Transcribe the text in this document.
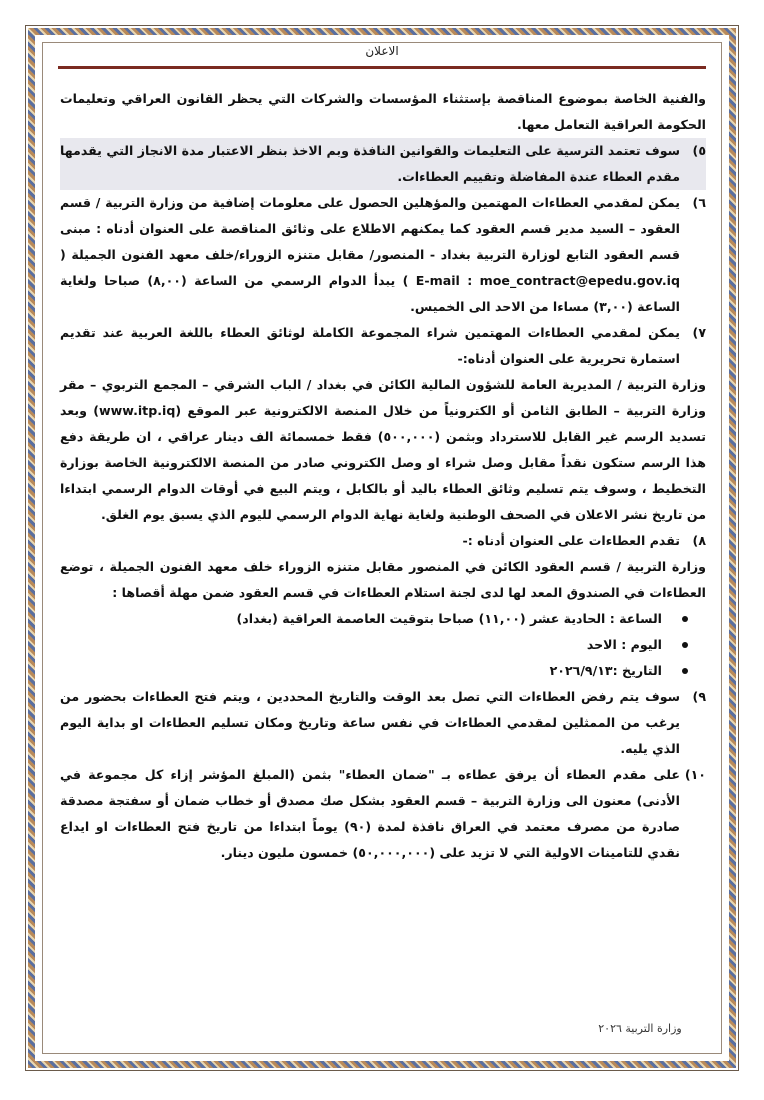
الاعلان

والفنية الخاصة بموضوع المناقصة بإستثناء المؤسسات والشركات التي يحظر القانون العراقي وتعليمات الحكومة العراقية التعامل معها.

٥)
سوف تعتمد الترسية على التعليمات والقوانين النافذة وبم الاخذ بنظر الاعتبار مدة الانجاز التي يقدمها مقدم العطاء عندة المفاضلة وتقييم العطاءات.
٦)
يمكن لمقدمي العطاءات المهتمين والمؤهلين الحصول على معلومات إضافية من وزارة التربية / قسم العقود – السيد مدير قسم العقود كما يمكنهم الاطلاع على وثائق المناقصة على العنوان أدناه : مبنى قسم العقود التابع لوزارة التربية بغداد - المنصور/ مقابل متنزه الزوراء/خلف معهد الفنون الجميلة ( E-mail : moe_contract@epedu.gov.iq ) يبدأ الدوام الرسمي من الساعة (٨,٠٠) صباحا ولغاية الساعة (٣,٠٠) مساءا من الاحد الى الخميس.
٧)
يمكن لمقدمي العطاءات المهتمين شراء المجموعة الكاملة لوثائق العطاء باللغة العربية عند تقديم استمارة تحريرية على العنوان أدناه:-

وزارة التربية / المديرية العامة للشؤون المالية الكائن في بغداد / الباب الشرقي – المجمع التربوي – مقر وزارة التربية – الطابق الثامن أو الكترونياً من خلال المنصة الالكترونية عبر الموقع (www.itp.iq) وبعد تسديد الرسم غير القابل للاسترداد وبثمن (٥٠٠,٠٠٠) فقط خمسمائة الف دينار عراقي ، ان طريقة دفع هذا الرسم ستكون نقداً مقابل وصل شراء او وصل الكتروني صادر من المنصة الالكترونية الخاصة بوزارة التخطيط ، وسوف يتم تسليم وثائق العطاء باليد أو بالكابل ، ويتم البيع في أوقات الدوام الرسمي ابتداءا من تاريخ نشر الاعلان في الصحف الوطنية ولغاية نهاية الدوام الرسمي لليوم الذي يسبق يوم الغلق.

٨)
تقدم العطاءات على العنوان أدناه :-

وزارة التربية / قسم العقود الكائن في المنصور مقابل متنزه الزوراء خلف معهد الفنون الجميلة ، توضع العطاءات في الصندوق المعد لها لدى لجنة استلام العطاءات في قسم العقود ضمن مهلة أقصاها :

الساعة : الحادية عشر (١١,٠٠) صباحا بتوقيت العاصمة العراقية (بغداد)
اليوم : الاحد
التاريخ :٢٠٢٦/٩/١٣
٩)
سوف يتم رفض العطاءات التي تصل بعد الوقت والتاريخ المحددين ، ويتم فتح العطاءات بحضور من يرغب من الممثلين لمقدمي العطاءات في نفس ساعة وتاريخ ومكان تسليم العطاءات او بداية اليوم الذي يليه.
١٠)
على مقدم العطاء أن يرفق عطاءه بـ "ضمان العطاء" بثمن (المبلغ المؤشر إزاء كل مجموعة في الأدنى) معنون الى وزارة التربية – قسم العقود بشكل صك مصدق أو خطاب ضمان أو سفتجة مصدقة صادرة من مصرف معتمد في العراق نافذة لمدة (٩٠) يوماً ابتداءا من تاريخ فتح العطاءات او ايداع نقدي للتامينات الاولية التي لا تزيد على (٥٠,٠٠٠,٠٠٠) خمسون مليون دينار.
وزارة التربية ٢٠٢٦
